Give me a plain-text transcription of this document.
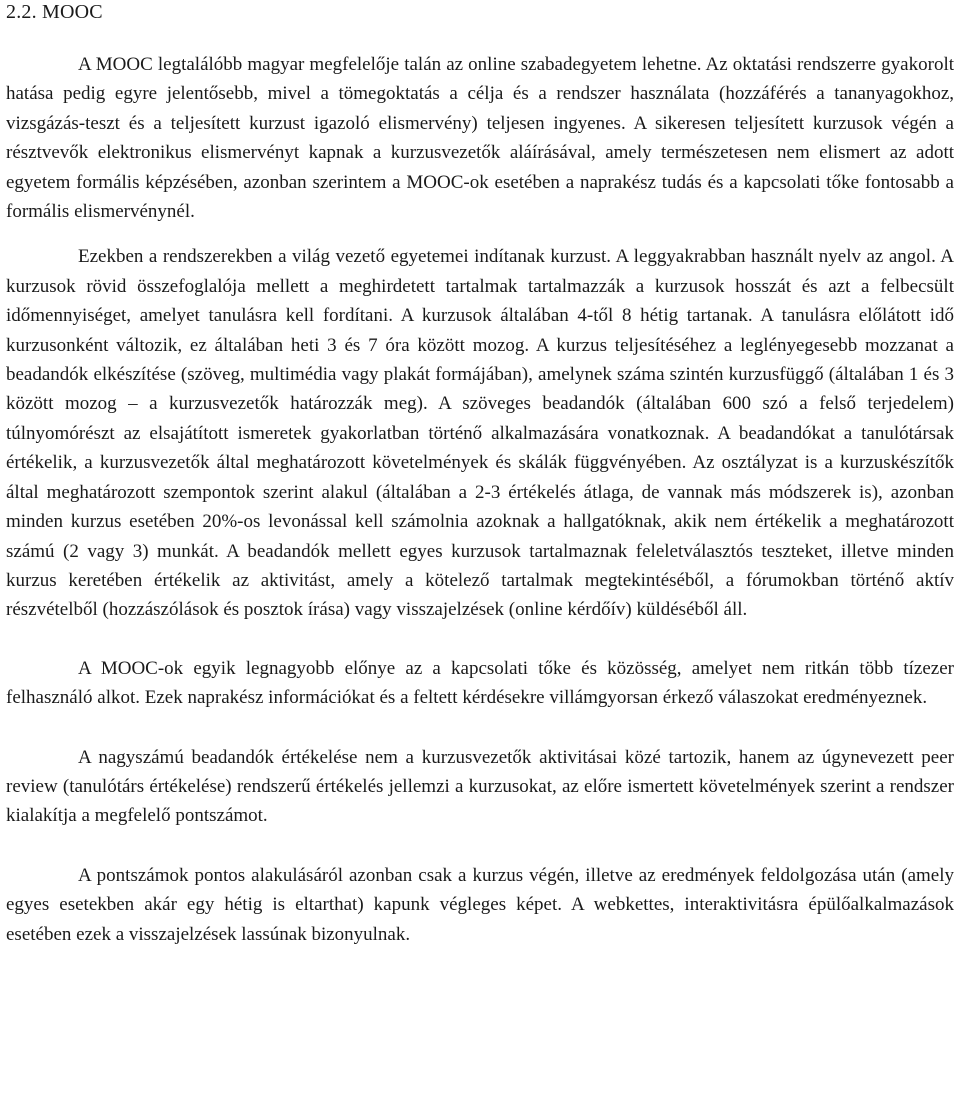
2.2. MOOC

A MOOC legtalálóbb magyar megfelelője talán az online szabadegyetem lehetne. Az oktatási rendszerre gyakorolt hatása pedig egyre jelentősebb, mivel a tömegoktatás a célja és a rendszer használata (hozzáférés a tananyagokhoz, vizsgázás-teszt és a teljesített kurzust igazoló elismervény) teljesen ingyenes. A sikeresen teljesített kurzusok végén a résztvevők elektronikus elismervényt kapnak a kurzusvezetők aláírásával, amely természetesen nem elismert az adott egyetem formális képzésében, azonban szerintem a MOOC-ok esetében a naprakész tudás és a kapcsolati tőke fontosabb a formális elismervénynél.

Ezekben a rendszerekben a világ vezető egyetemei indítanak kurzust. A leggyakrabban használt nyelv az angol. A kurzusok rövid összefoglalója mellett a meghirdetett tartalmak tartalmazzák a kurzusok hosszát és azt a felbecsült időmennyiséget, amelyet tanulásra kell fordítani. A kurzusok általában 4-től 8 hétig tartanak. A tanulásra előlátott idő kurzusonként változik, ez általában heti 3 és 7 óra között mozog. A kurzus teljesítéséhez a leglényegesebb mozzanat a beadandók elkészítése (szöveg, multimédia vagy plakát formájában), amelynek száma szintén kurzusfüggő (általában 1 és 3 között mozog – a kurzusvezetők határozzák meg). A szöveges beadandók (általában 600 szó a felső terjedelem) túlnyomórészt az elsajátított ismeretek gyakorlatban történő alkalmazására vonatkoznak. A beadandókat a tanulótársak értékelik, a kurzusvezetők által meghatározott követelmények és skálák függvényében. Az osztályzat is a kurzuskészítők által meghatározott szempontok szerint alakul (általában a 2-3 értékelés átlaga, de vannak más módszerek is), azonban minden kurzus esetében 20%-os levonással kell számolnia azoknak a hallgatóknak, akik nem értékelik a meghatározott számú (2 vagy 3) munkát. A beadandók mellett egyes kurzusok tartalmaznak feleletválasztós teszteket, illetve minden kurzus keretében értékelik az aktivitást, amely a kötelező tartalmak megtekintéséből, a fórumokban történő aktív részvételből (hozzászólások és posztok írása) vagy visszajelzések (online kérdőív) küldéséből áll.

A MOOC-ok egyik legnagyobb előnye az a kapcsolati tőke és közösség, amelyet nem ritkán több tízezer felhasználó alkot. Ezek naprakész információkat és a feltett kérdésekre villámgyorsan érkező válaszokat eredményeznek.

A nagyszámú beadandók értékelése nem a kurzusvezetők aktivitásai közé tartozik, hanem az úgynevezett peer review (tanulótárs értékelése) rendszerű értékelés jellemzi a kurzusokat, az előre ismertett követelmények szerint a rendszer kialakítja a megfelelő pontszámot.

A pontszámok pontos alakulásáról azonban csak a kurzus végén, illetve az eredmények feldolgozása után (amely egyes esetekben akár egy hétig is eltarthat) kapunk végleges képet. A webkettes, interaktivitásra épülőalkalmazások esetében ezek a visszajelzések lassúnak bizonyulnak.
